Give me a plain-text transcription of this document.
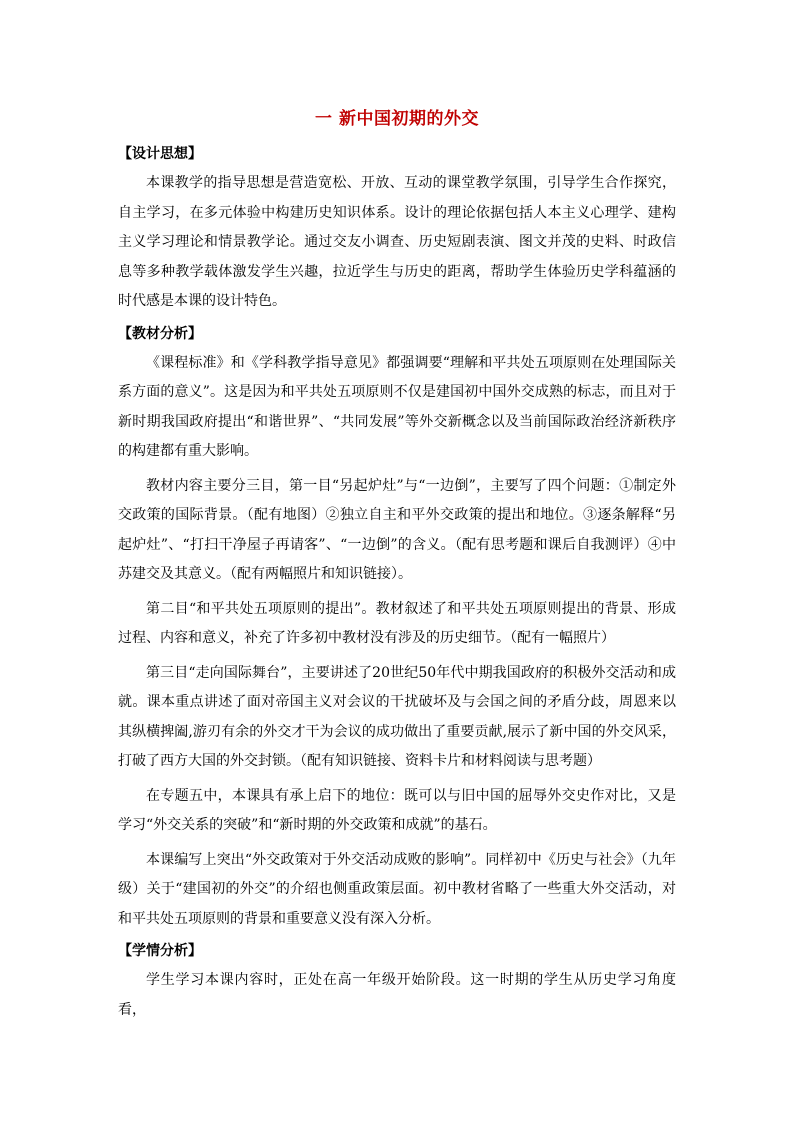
一 新中国初期的外交
【设计思想】

本课教学的指导思想是营造宽松、开放、互动的课堂教学氛围，引导学生合作探究，自主学习，在多元体验中构建历史知识体系。设计的理论依据包括人本主义心理学、建构主义学习理论和情景教学论。通过交友小调查、历史短剧表演、图文并茂的史料、时政信息等多种教学载体激发学生兴趣，拉近学生与历史的距离，帮助学生体验历史学科蕴涵的时代感是本课的设计特色。

【教材分析】

《课程标准》和《学科教学指导意见》都强调要“理解和平共处五项原则在处理国际关系方面的意义”。这是因为和平共处五项原则不仅是建国初中国外交成熟的标志，而且对于新时期我国政府提出“和谐世界”、“共同发展”等外交新概念以及当前国际政治经济新秩序的构建都有重大影响。

教材内容主要分三目，第一目“另起炉灶”与“一边倒”，主要写了四个问题：①制定外交政策的国际背景。（配有地图）②独立自主和平外交政策的提出和地位。③逐条解释“另起炉灶”、“打扫干净屋子再请客”、“一边倒”的含义。（配有思考题和课后自我测评）④中苏建交及其意义。（配有两幅照片和知识链接）。

第二目“和平共处五项原则的提出”。教材叙述了和平共处五项原则提出的背景、形成过程、内容和意义，补充了许多初中教材没有涉及的历史细节。（配有一幅照片）

第三目“走向国际舞台”，主要讲述了20世纪50年代中期我国政府的积极外交活动和成就。课本重点讲述了面对帝国主义对会议的干扰破坏及与会国之间的矛盾分歧，周恩来以其纵横捭阖,游刃有余的外交才干为会议的成功做出了重要贡献,展示了新中国的外交风采，打破了西方大国的外交封锁。（配有知识链接、资料卡片和材料阅读与思考题）

在专题五中，本课具有承上启下的地位：既可以与旧中国的屈辱外交史作对比，又是学习“外交关系的突破”和“新时期的外交政策和成就”的基石。

本课编写上突出“外交政策对于外交活动成败的影响”。同样初中《历史与社会》（九年级）关于“建国初的外交”的介绍也侧重政策层面。初中教材省略了一些重大外交活动，对和平共处五项原则的背景和重要意义没有深入分析。

【学情分析】

学生学习本课内容时，正处在高一年级开始阶段。这一时期的学生从历史学习角度看，
